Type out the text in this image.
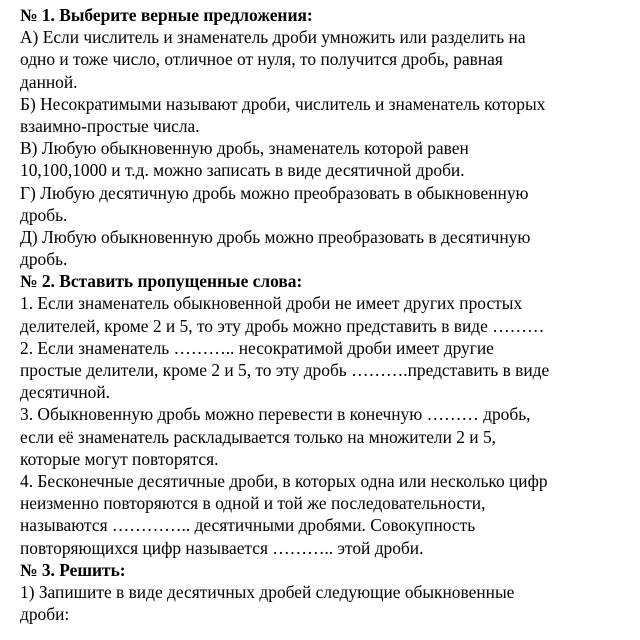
№ 1. Выберите верные предложения:
А) Если числитель и знаменатель дроби умножить или разделить на
одно и тоже число, отличное от нуля, то получится дробь, равная
данной.
Б) Несократимыми называют дроби, числитель и знаменатель которых
взаимно-простые числа.
В) Любую обыкновенную дробь, знаменатель которой равен
10,100,1000 и т.д. можно записать в виде десятичной дроби.
Г) Любую десятичную дробь можно преобразовать в обыкновенную
дробь.
Д) Любую обыкновенную дробь можно преобразовать в десятичную
дробь.
№ 2. Вставить пропущенные слова:
1. Если знаменатель обыкновенной дроби не имеет других простых
делителей, кроме 2 и 5, то эту дробь можно представить в виде ………
2. Если знаменатель ……….. несократимой дроби имеет другие
простые делители, кроме 2 и 5, то эту дробь ……….представить в виде
десятичной.
3. Обыкновенную дробь можно перевести в конечную ……… дробь,
если её знаменатель раскладывается только на множители 2 и 5,
которые могут повторятся.
4. Бесконечные десятичные дроби, в которых одна или несколько цифр
неизменно повторяются в одной и той же последовательности,
называются ………….. десятичными дробями. Совокупность
повторяющихся цифр называется ……….. этой дроби.
№ 3. Решить:
1) Запишите в виде десятичных дробей следующие обыкновенные
дроби:
